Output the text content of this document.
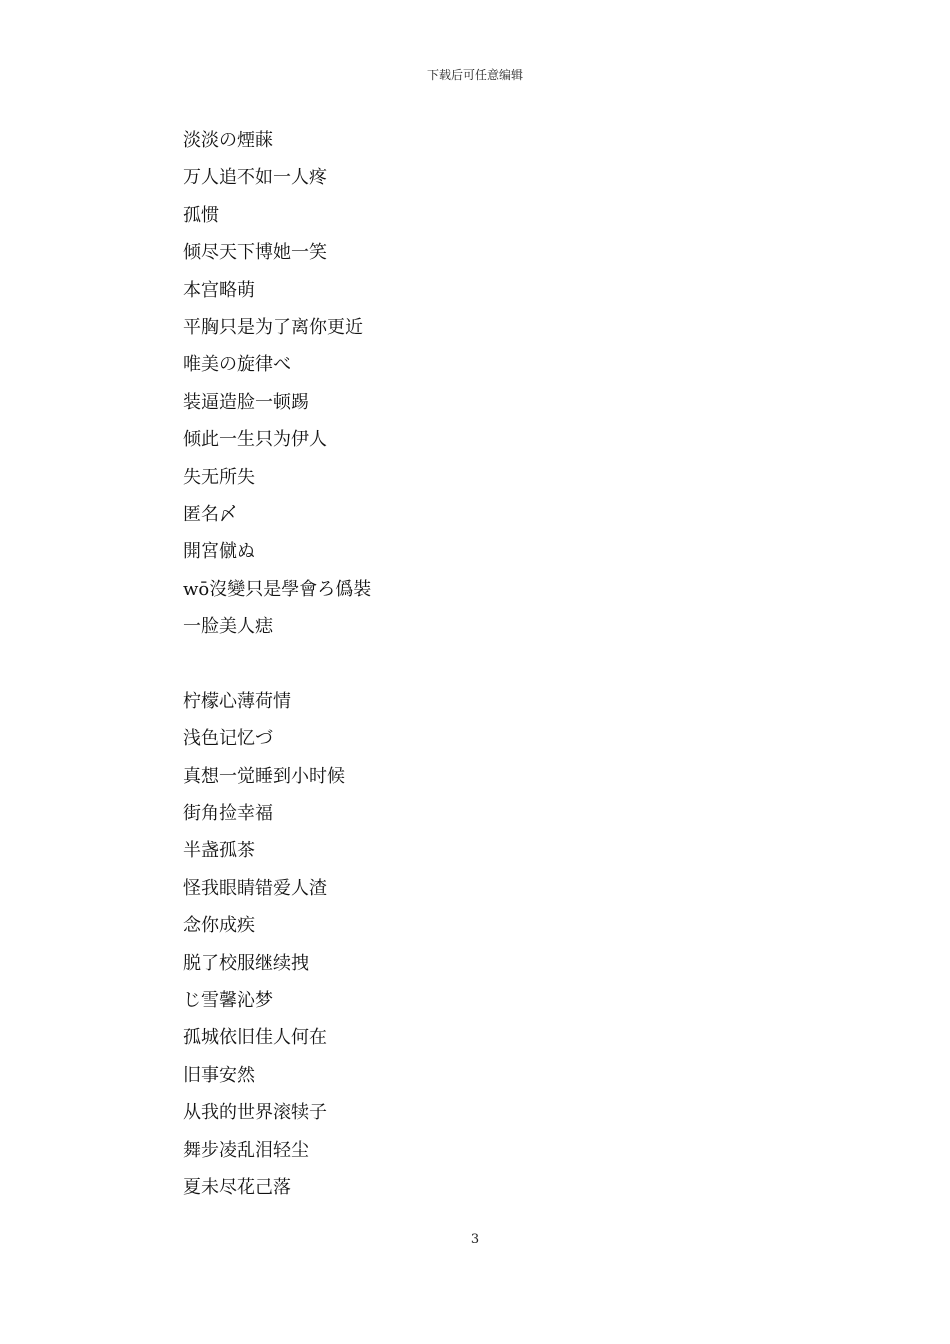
下载后可任意编辑
淡淡の煙蔝
万人追不如一人疼
孤惯
倾尽天下博她一笑
本宫略萌
平胸只是为了离你更近
唯美の旋律べ
装逼造脸一顿踢
倾此一生只为伊人
失无所失
匿名〆
開宮僦ぬ
wō沒變只是學會ろ僞裝
一脸美人痣
柠檬心薄荷情
浅色记忆づ
真想一觉睡到小时候
街角捡幸福
半盏孤茶
怪我眼睛错爱人渣
念你成疾
脱了校服继续拽
じ雪馨沁梦
孤城依旧佳人何在
旧事安然
从我的世界滚犊子
舞步凌乱泪轻尘
夏未尽花己落
3
